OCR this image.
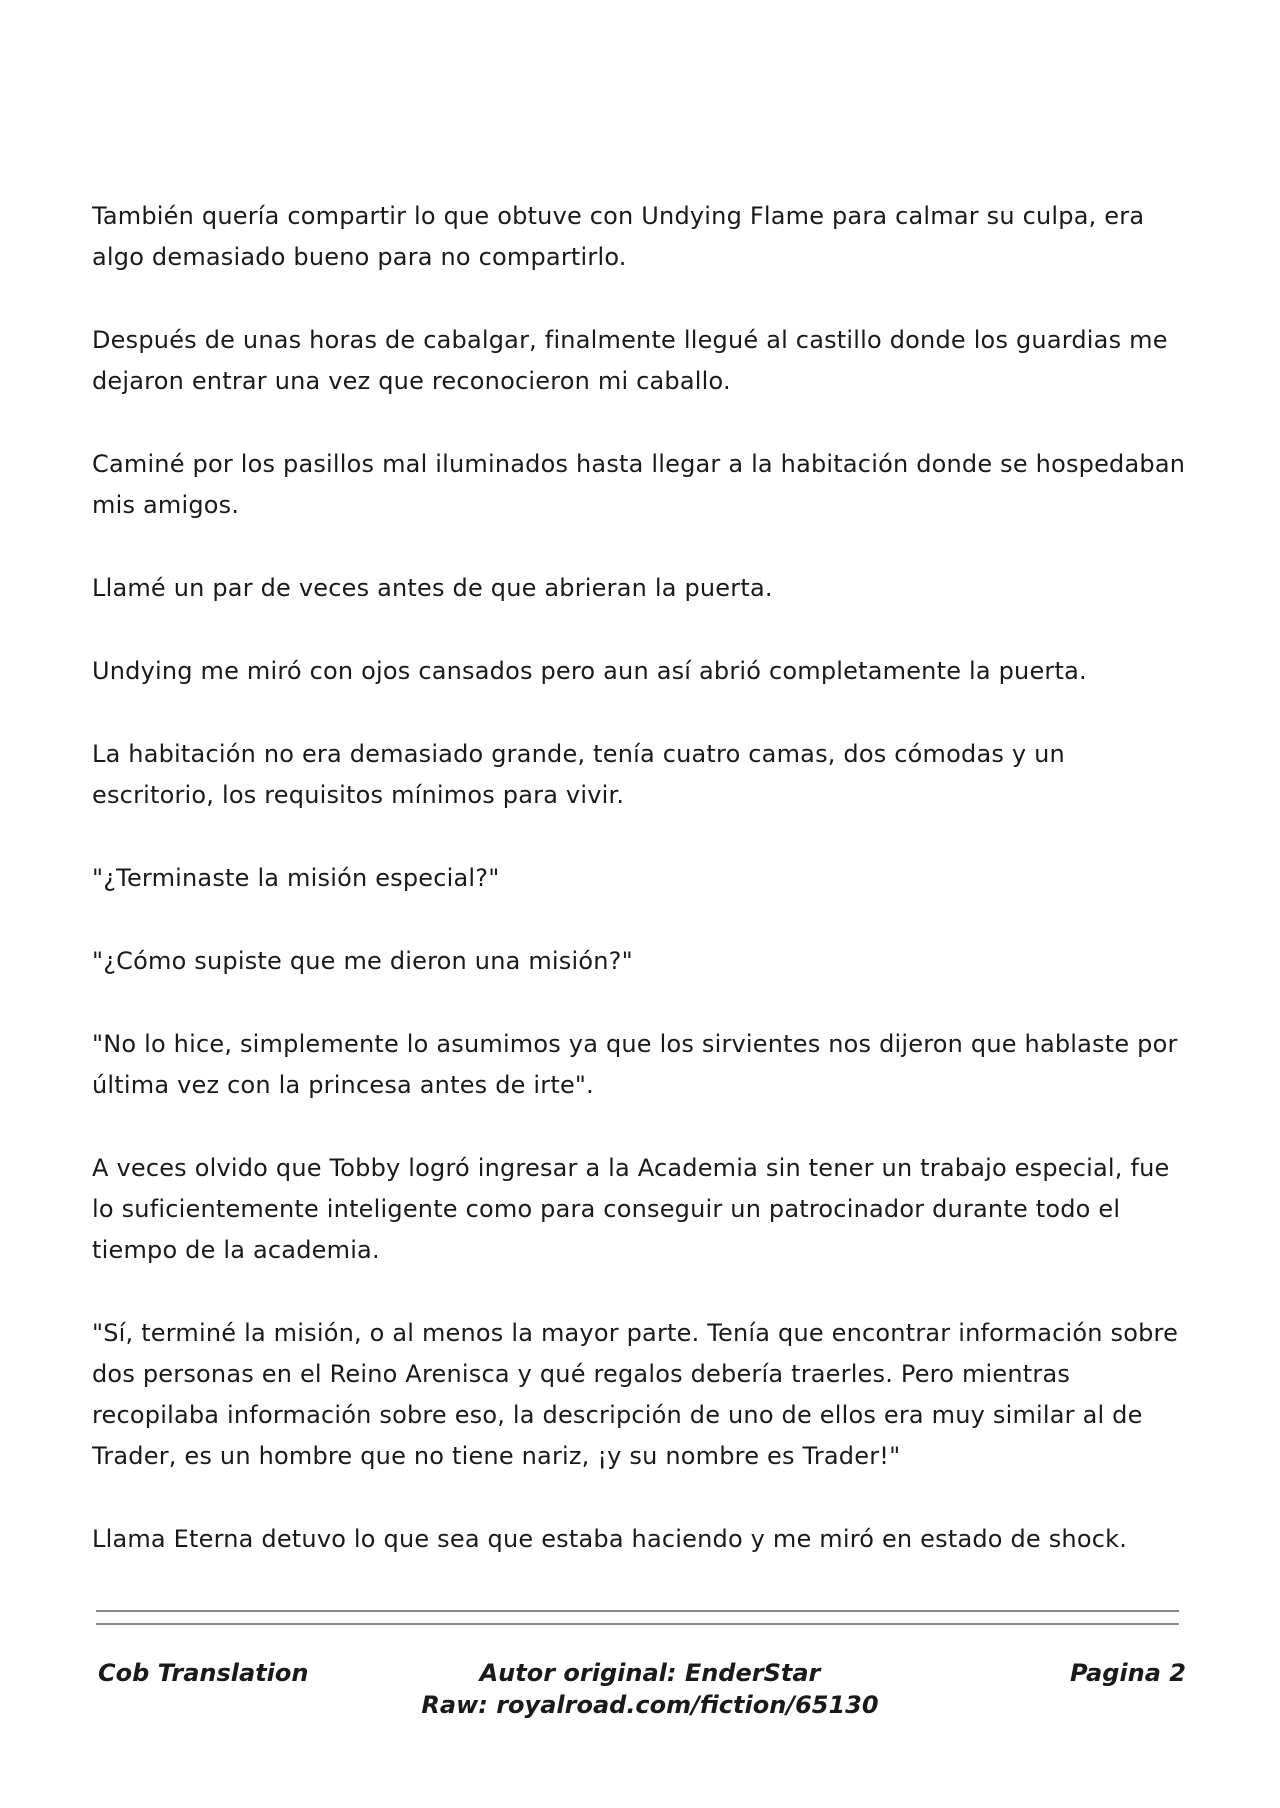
También quería compartir lo que obtuve con Undying Flame para calmar su culpa, era algo demasiado bueno para no compartirlo.

Después de unas horas de cabalgar, finalmente llegué al castillo donde los guardias me dejaron entrar una vez que reconocieron mi caballo.

Caminé por los pasillos mal iluminados hasta llegar a la habitación donde se hospedaban mis amigos.

Llamé un par de veces antes de que abrieran la puerta.

Undying me miró con ojos cansados pero aun así abrió completamente la puerta.

La habitación no era demasiado grande, tenía cuatro camas, dos cómodas y un escritorio, los requisitos mínimos para vivir.

"¿Terminaste la misión especial?"

"¿Cómo supiste que me dieron una misión?"

"No lo hice, simplemente lo asumimos ya que los sirvientes nos dijeron que hablaste por última vez con la princesa antes de irte".

A veces olvido que Tobby logró ingresar a la Academia sin tener un trabajo especial, fue lo suficientemente inteligente como para conseguir un patrocinador durante todo el tiempo de la academia.

"Sí, terminé la misión, o al menos la mayor parte. Tenía que encontrar información sobre dos personas en el Reino Arenisca y qué regalos debería traerles. Pero mientras recopilaba información sobre eso, la descripción de uno de ellos era muy similar al de Trader, es un hombre que no tiene nariz, ¡y su nombre es Trader!"

Llama Eterna detuvo lo que sea que estaba haciendo y me miró en estado de shock.

Cob Translation	Autor original: EnderStar
Raw: royalroad.com/fiction/65130
Pagina 2
